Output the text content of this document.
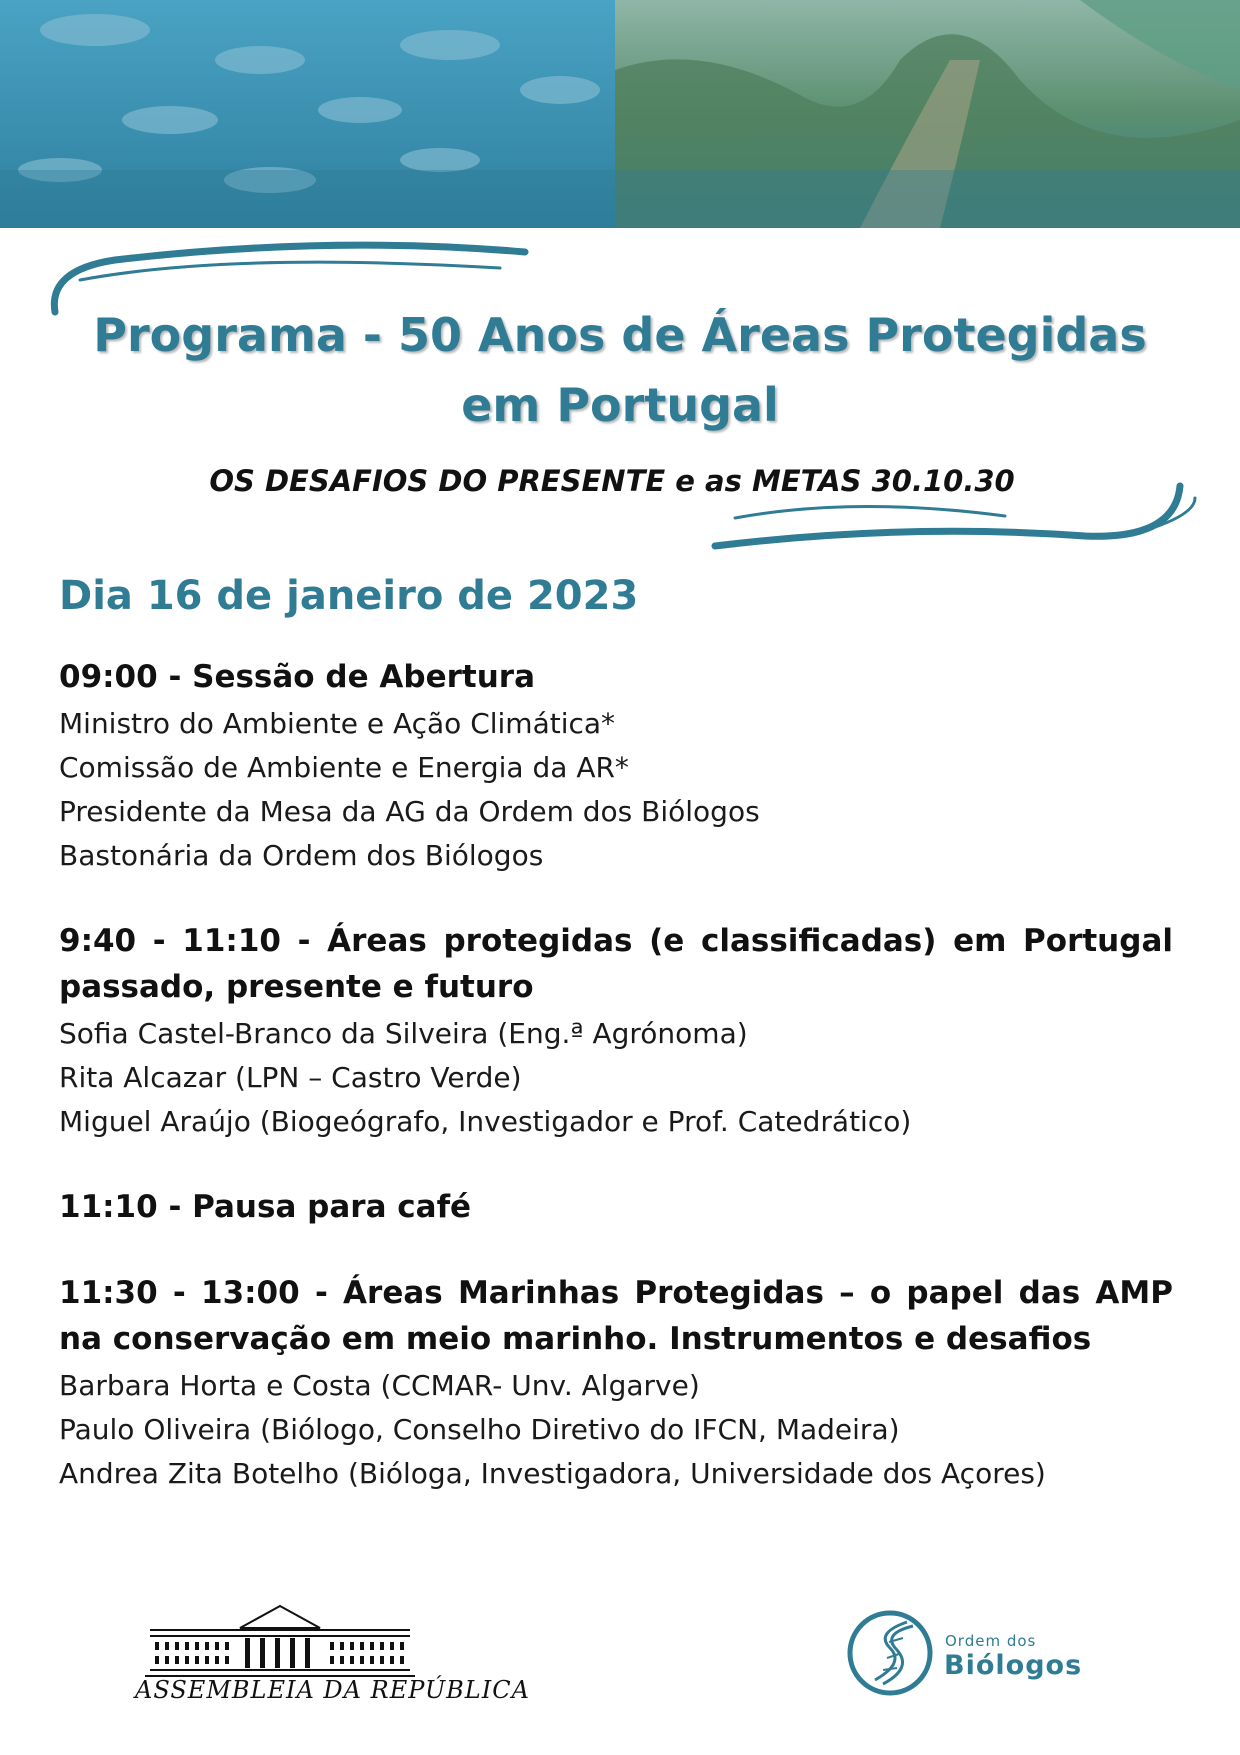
Programa - 50 Anos de Áreas Protegidas
em Portugal
OS DESAFIOS DO PRESENTE e as METAS 30.10.30
Dia 16 de janeiro de 2023
09:00 - Sessão de Abertura
Ministro do Ambiente e Ação Climática*
Comissão de Ambiente e Energia da AR*
Presidente da Mesa da AG da Ordem dos Biólogos
Bastonária da Ordem dos Biólogos
9:40 - 11:10 - Áreas protegidas (e classificadas) em Portugal passado, presente e futuro
Sofia Castel-Branco da Silveira (Eng.ª Agrónoma)
Rita Alcazar (LPN – Castro Verde)
Miguel Araújo (Biogeógrafo, Investigador e Prof. Catedrático)
11:10 - Pausa para café
11:30 - 13:00 - Áreas Marinhas Protegidas – o papel das AMP na conservação em meio marinho. Instrumentos e desafios
Barbara Horta e Costa (CCMAR- Unv. Algarve)
Paulo Oliveira (Biólogo, Conselho Diretivo do IFCN, Madeira)
Andrea Zita Botelho (Bióloga, Investigadora, Universidade dos Açores)
ASSEMBLEIA DA REPÚBLICA
Ordem dos
Biólogos
